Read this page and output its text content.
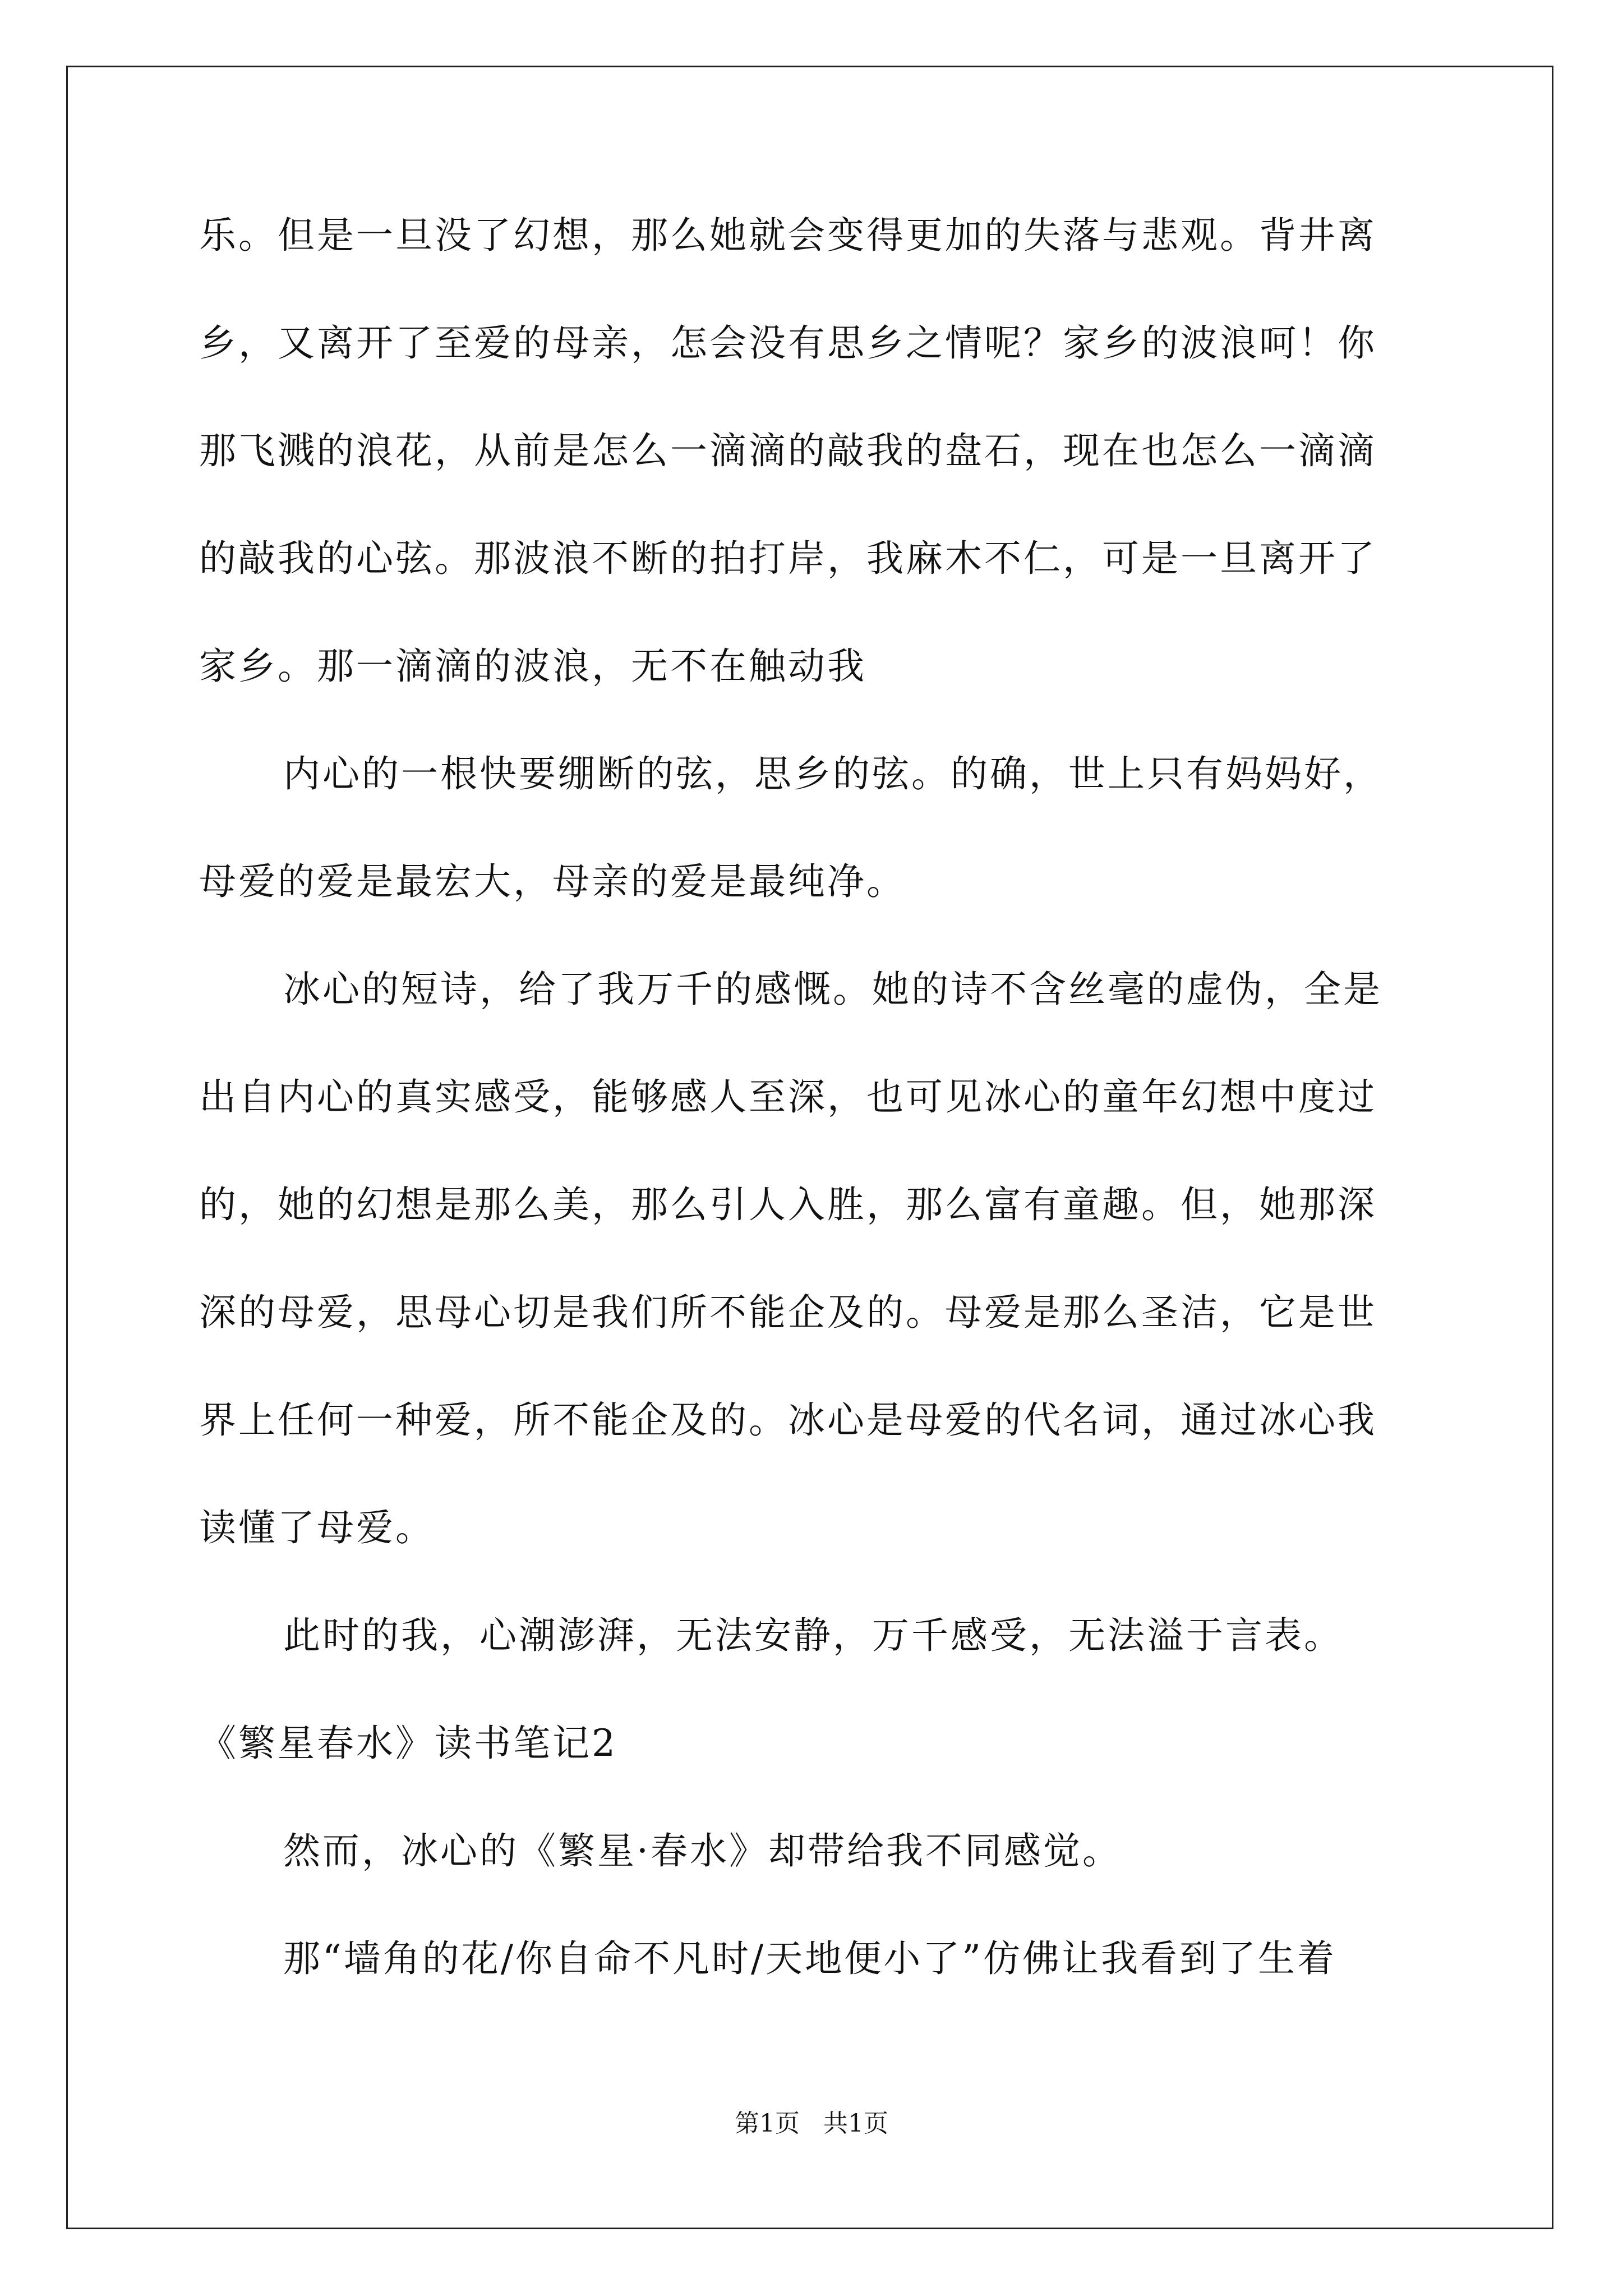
乐。但是一旦没了幻想，那么她就会变得更加的失落与悲观。背井离
乡，又离开了至爱的母亲，怎会没有思乡之情呢？家乡的波浪呵！你
那飞溅的浪花，从前是怎么一滴滴的敲我的盘石，现在也怎么一滴滴
的敲我的心弦。那波浪不断的拍打岸，我麻木不仁，可是一旦离开了
家乡。那一滴滴的波浪，无不在触动我
内心的一根快要绷断的弦，思乡的弦。的确，世上只有妈妈好，
母爱的爱是最宏大，母亲的爱是最纯净。
冰心的短诗，给了我万千的感慨。她的诗不含丝毫的虚伪，全是
出自内心的真实感受，能够感人至深，也可见冰心的童年幻想中度过
的，她的幻想是那么美，那么引人入胜，那么富有童趣。但，她那深
深的母爱，思母心切是我们所不能企及的。母爱是那么圣洁，它是世
界上任何一种爱，所不能企及的。冰心是母爱的代名词，通过冰心我
读懂了母爱。
此时的我，心潮澎湃，无法安静，万千感受，无法溢于言表。
《繁星春水》读书笔记2
然而，冰心的《繁星·春水》却带给我不同感觉。
那“墙角的花/你自命不凡时/天地便小了”仿佛让我看到了生着
第1页 共1页
